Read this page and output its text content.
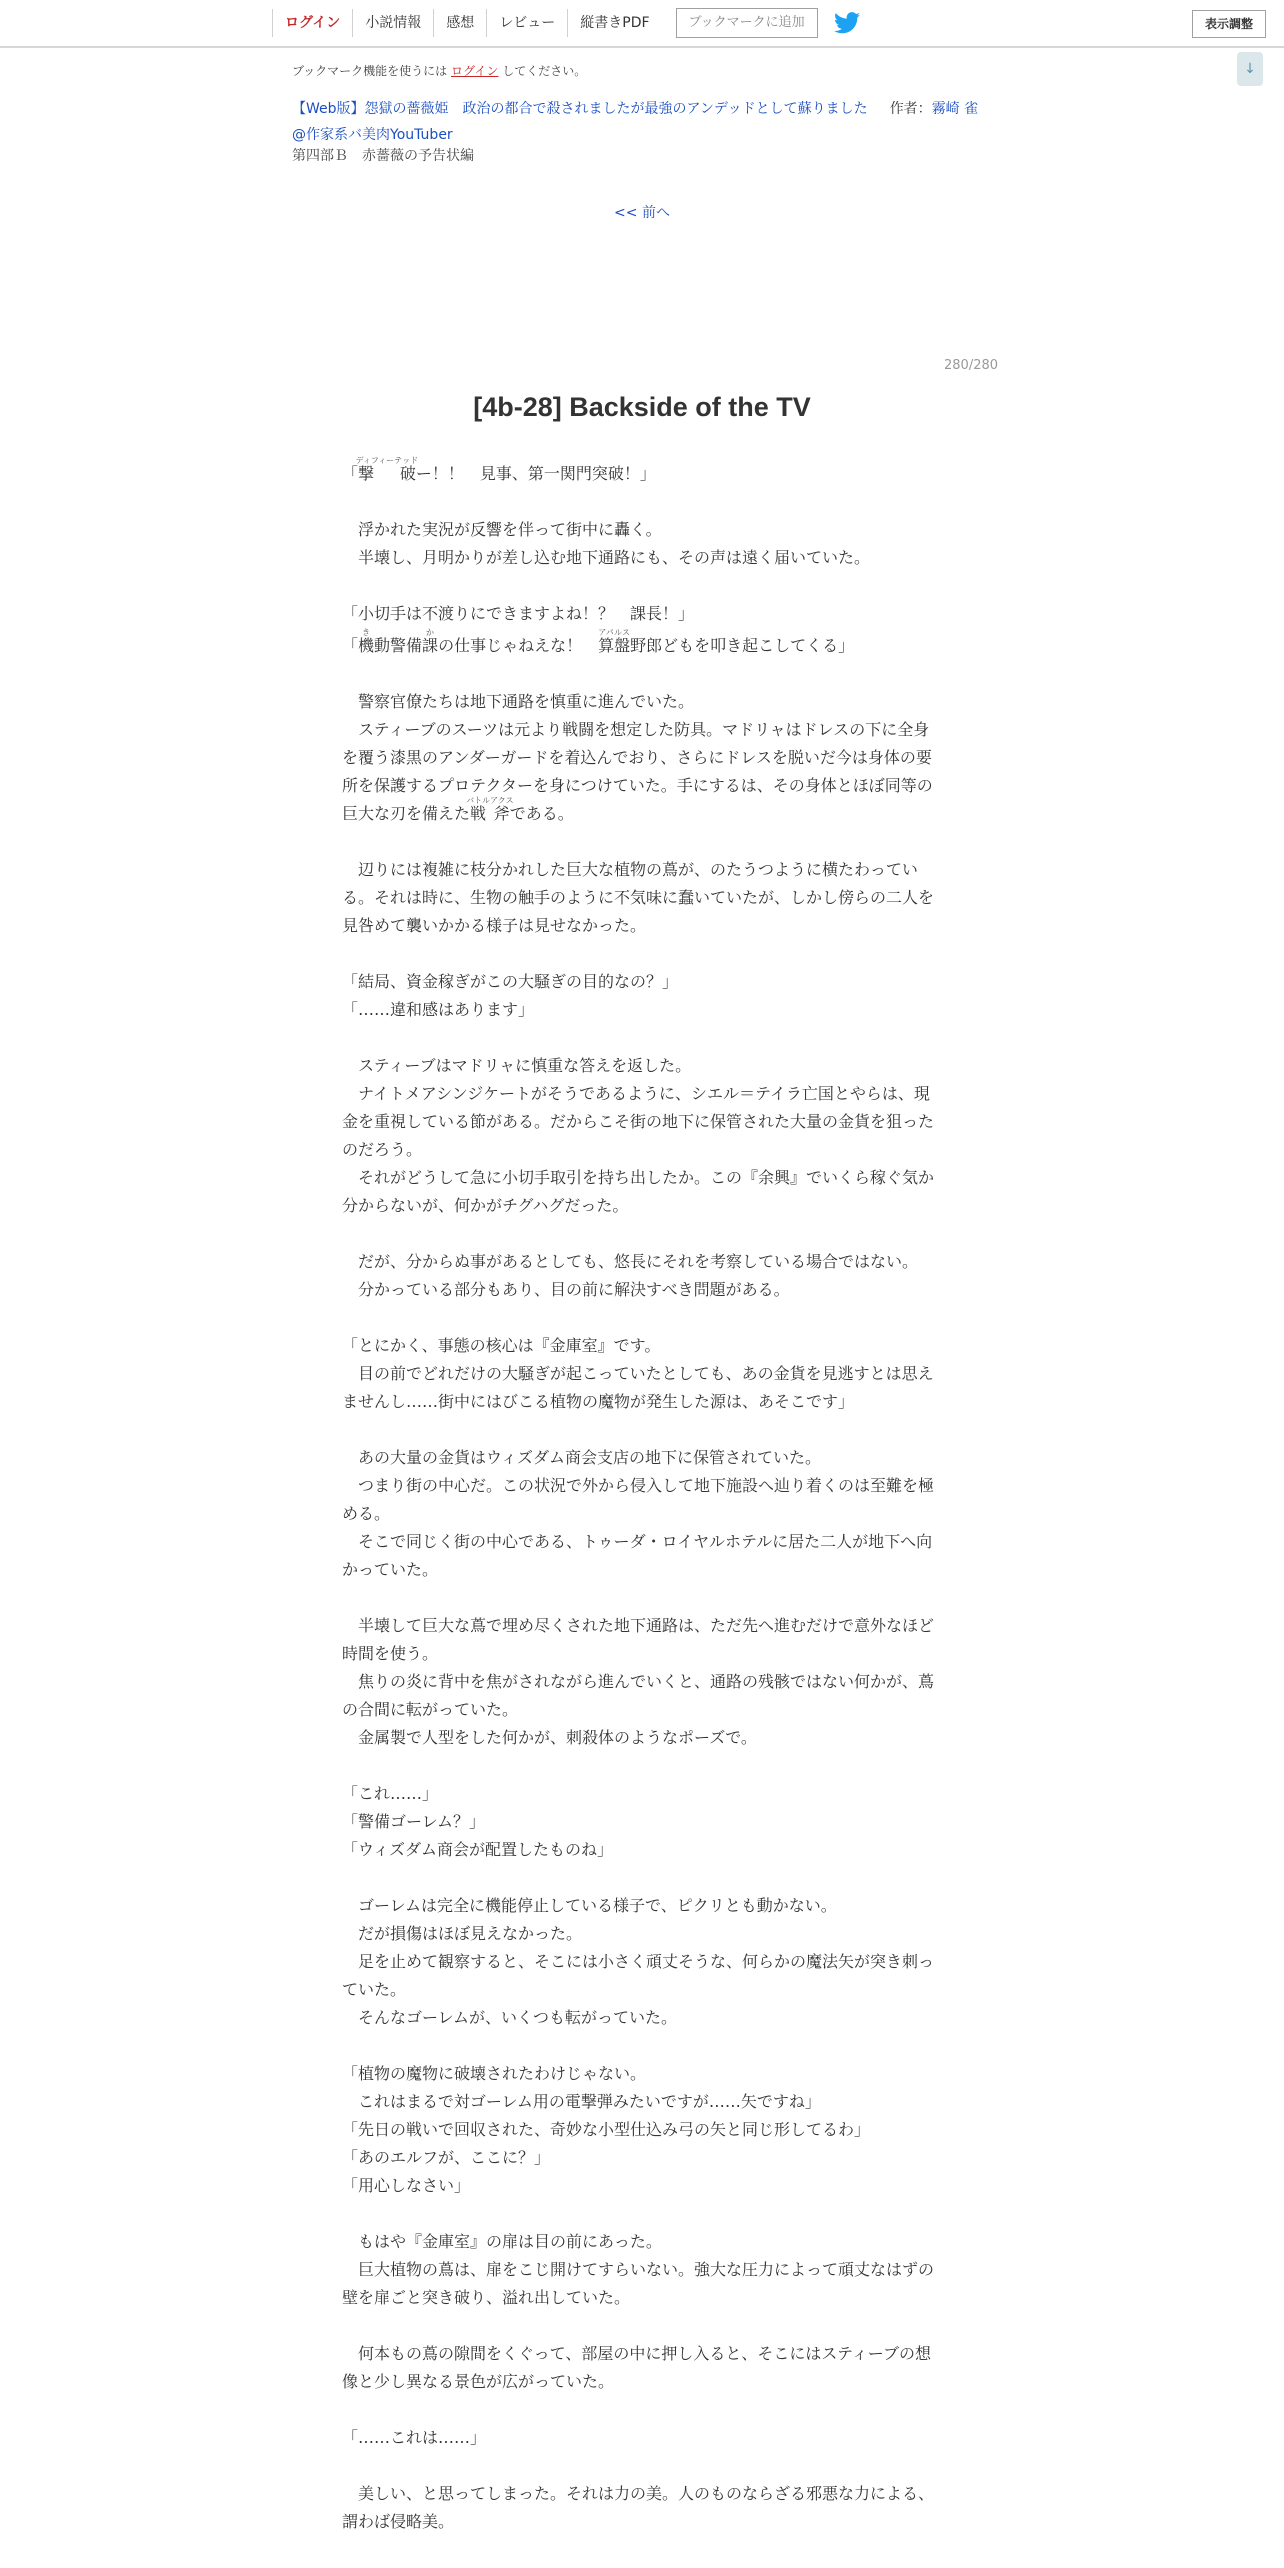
ログイン	小説情報	感想	レビュー	縦書きPDF	ブックマークに追加	表示調整
↓
ブックマーク機能を使うには ログイン してください。
【Web版】怨獄の薔薇姫　政治の都合で殺されましたが最強のアンデッドとして蘇りました 作者：霧崎 雀
@作家系バ美肉YouTuber
第四部Ｂ　赤薔薇の予告状編
<< 前へ
280/280
[4b-28] Backside of the TV

「撃　破ディフィーテッドー！！　見事、第一関門突破！」

　浮かれた実況が反響を伴って街中に轟く。

　半壊し、月明かりが差し込む地下通路にも、その声は遠く届いていた。

「小切手は不渡りにできますよね！？　課長！」

「機き動警備課かの仕事じゃねえな！　算盤アパルス野郎どもを叩き起こしてくる」

　警察官僚たちは地下通路を慎重に進んでいた。

　スティーブのスーツは元より戦闘を想定した防具。マドリャはドレスの下に全身を覆う漆黒のアンダーガードを着込んでおり、さらにドレスを脱いだ今は身体の要所を保護するプロテクターを身につけていた。手にするは、その身体とほぼ同等の巨大な刃を備えた戦斧バトルアクスである。

　辺りには複雑に枝分かれした巨大な植物の蔦が、のたうつように横たわっている。それは時に、生物の触手のように不気味に蠢いていたが、しかし傍らの二人を見咎めて襲いかかる様子は見せなかった。

「結局、資金稼ぎがこの大騒ぎの目的なの？」

「……違和感はあります」

　スティーブはマドリャに慎重な答えを返した。

　ナイトメアシンジケートがそうであるように、シエル＝テイラ亡国とやらは、現金を重視している節がある。だからこそ街の地下に保管された大量の金貨を狙ったのだろう。

　それがどうして急に小切手取引を持ち出したか。この『余興』でいくら稼ぐ気か分からないが、何かがチグハグだった。

　だが、分からぬ事があるとしても、悠長にそれを考察している場合ではない。

　分かっている部分もあり、目の前に解決すべき問題がある。

「とにかく、事態の核心は『金庫室』です。

　目の前でどれだけの大騒ぎが起こっていたとしても、あの金貨を見逃すとは思えませんし……街中にはびこる植物の魔物が発生した源は、あそこです」

　あの大量の金貨はウィズダム商会支店の地下に保管されていた。

　つまり街の中心だ。この状況で外から侵入して地下施設へ辿り着くのは至難を極める。

　そこで同じく街の中心である、トゥーダ・ロイヤルホテルに居た二人が地下へ向かっていた。

　半壊して巨大な蔦で埋め尽くされた地下通路は、ただ先へ進むだけで意外なほど時間を使う。

　焦りの炎に背中を焦がされながら進んでいくと、通路の残骸ではない何かが、蔦の合間に転がっていた。

　金属製で人型をした何かが、刺殺体のようなポーズで。

「これ……」

「警備ゴーレム？」

「ウィズダム商会が配置したものね」

　ゴーレムは完全に機能停止している様子で、ピクリとも動かない。

　だが損傷はほぼ見えなかった。

　足を止めて観察すると、そこには小さく頑丈そうな、何らかの魔法矢が突き刺っていた。

　そんなゴーレムが、いくつも転がっていた。

「植物の魔物に破壊されたわけじゃない。

　これはまるで対ゴーレム用の電撃弾みたいですが……矢ですね」

「先日の戦いで回収された、奇妙な小型仕込み弓の矢と同じ形してるわ」

「あのエルフが、ここに？」

「用心しなさい」

　もはや『金庫室』の扉は目の前にあった。

　巨大植物の蔦は、扉をこじ開けてすらいない。強大な圧力によって頑丈なはずの壁を扉ごと突き破り、溢れ出していた。

　何本もの蔦の隙間をくぐって、部屋の中に押し入ると、そこにはスティーブの想像と少し異なる景色が広がっていた。

「……これは……」

　美しい、と思ってしまった。それは力の美。人のものならざる邪悪な力による、謂わば侵略美。
